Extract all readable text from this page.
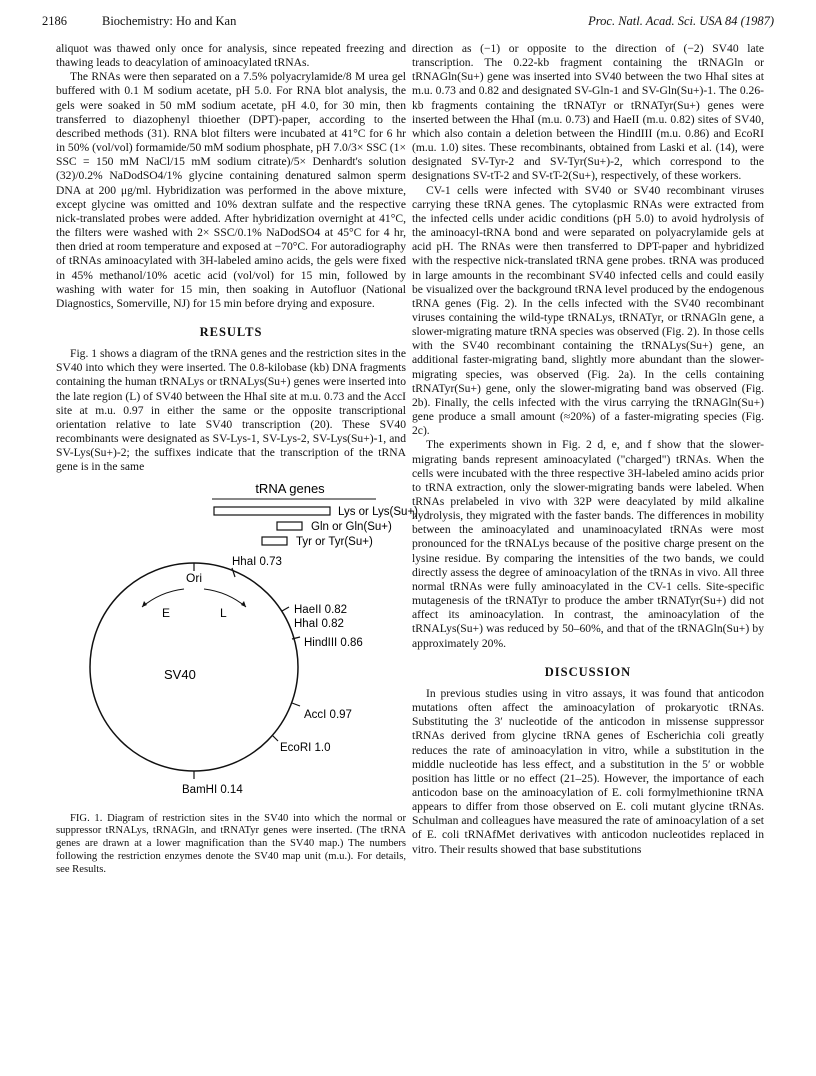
2186	Biochemistry: Ho and Kan	Proc. Natl. Acad. Sci. USA 84 (1987)

aliquot was thawed only once for analysis, since repeated freezing and thawing leads to deacylation of aminoacylated tRNAs.

The RNAs were then separated on a 7.5% polyacrylamide/8 M urea gel buffered with 0.1 M sodium acetate, pH 5.0. For RNA blot analysis, the gels were soaked in 50 mM sodium acetate, pH 4.0, for 30 min, then transferred to diazophenyl thioether (DPT)-paper, according to the described methods (31). RNA blot filters were incubated at 41°C for 6 hr in 50% (vol/vol) formamide/50 mM sodium phosphate, pH 7.0/3× SSC (1× SSC = 150 mM NaCl/15 mM sodium citrate)/5× Denhardt's solution (32)/0.2% NaDodSO4/1% glycine containing denatured salmon sperm DNA at 200 μg/ml. Hybridization was performed in the above mixture, except glycine was omitted and 10% dextran sulfate and the respective nick-translated probes were added. After hybridization overnight at 41°C, the filters were washed with 2× SSC/0.1% NaDodSO4 at 45°C for 4 hr, then dried at room temperature and exposed at −70°C. For autoradiography of tRNAs aminoacylated with 3H-labeled amino acids, the gels were fixed in 45% methanol/10% acetic acid (vol/vol) for 15 min, followed by washing with water for 15 min, then soaking in Autofluor (National Diagnostics, Somerville, NJ) for 15 min before drying and exposure.

RESULTS

Fig. 1 shows a diagram of the tRNA genes and the restriction sites in the SV40 into which they were inserted. The 0.8-kilobase (kb) DNA fragments containing the human tRNALys or tRNALys(Su+) genes were inserted into the late region (L) of SV40 between the HhaI site at m.u. 0.73 and the AccI site at m.u. 0.97 in either the same or the opposite transcriptional orientation relative to late SV40 transcription (20). These SV40 recombinants were designated as SV-Lys-1, SV-Lys-2, SV-Lys(Su+)-1, and SV-Lys(Su+)-2; the suffixes indicate that the transcription of the tRNA gene is in the same

tRNA genes
Lys or Lys(Su+)
Gln or Gln(Su+)
Tyr or Tyr(Su+)
Ori
E	L
HhaI 0.73
HaeII 0.82
HhaI 0.82
HindIII 0.86
AccI 0.97
EcoRI 1.0
BamHI 0.14
SV40

FIG. 1. Diagram of restriction sites in the SV40 into which the normal or suppressor tRNALys, tRNAGln, and tRNATyr genes were inserted. (The tRNA genes are drawn at a lower magnification than the SV40 map.) The numbers following the restriction enzymes denote the SV40 map unit (m.u.). For details, see Results.

direction as (−1) or opposite to the direction of (−2) SV40 late transcription. The 0.22-kb fragment containing the tRNAGln or tRNAGln(Su+) gene was inserted into SV40 between the two HhaI sites at m.u. 0.73 and 0.82 and designated SV-Gln-1 and SV-Gln(Su+)-1. The 0.26-kb fragments containing the tRNATyr or tRNATyr(Su+) genes were inserted between the HhaI (m.u. 0.73) and HaeII (m.u. 0.82) sites of SV40, which also contain a deletion between the HindIII (m.u. 0.86) and EcoRI (m.u. 1.0) sites. These recombinants, obtained from Laski et al. (14), were designated SV-Tyr-2 and SV-Tyr(Su+)-2, which correspond to the designations SV-tT-2 and SV-tT-2(Su+), respectively, of these workers.

CV-1 cells were infected with SV40 or SV40 recombinant viruses carrying these tRNA genes. The cytoplasmic RNAs were extracted from the infected cells under acidic conditions (pH 5.0) to avoid hydrolysis of the aminoacyl-tRNA bond and were separated on polyacrylamide gels at acid pH. The RNAs were then transferred to DPT-paper and hybridized with the respective nick-translated tRNA gene probes. tRNA was produced in large amounts in the recombinant SV40 infected cells and could easily be visualized over the background tRNA level produced by the endogenous tRNA genes (Fig. 2). In the cells infected with the SV40 recombinant viruses containing the wild-type tRNALys, tRNATyr, or tRNAGln gene, a slower-migrating mature tRNA species was observed (Fig. 2). In those cells with the SV40 recombinant containing the tRNALys(Su+) gene, an additional faster-migrating band, slightly more abundant than the slower-migrating species, was observed (Fig. 2a). In the cells containing tRNATyr(Su+) gene, only the slower-migrating band was observed (Fig. 2b). Finally, the cells infected with the virus carrying the tRNAGln(Su+) gene produce a small amount (≈20%) of a faster-migrating species (Fig. 2c).

The experiments shown in Fig. 2 d, e, and f show that the slower-migrating bands represent aminoacylated ("charged") tRNAs. When the cells were incubated with the three respective 3H-labeled amino acids prior to tRNA extraction, only the slower-migrating bands were labeled. When tRNAs prelabeled in vivo with 32P were deacylated by mild alkaline hydrolysis, they migrated with the faster bands. The differences in mobility between the aminoacylated and unaminoacylated tRNAs were most pronounced for the tRNALys because of the positive charge present on the lysine residue. By comparing the intensities of the two bands, we could directly assess the degree of aminoacylation of the tRNAs in vivo. All three normal tRNAs were fully aminoacylated in the CV-1 cells. Site-specific mutagenesis of the tRNATyr to produce the amber tRNATyr(Su+) did not affect its aminoacylation. In contrast, the aminoacylation of the tRNALys(Su+) was reduced by 50–60%, and that of the tRNAGln(Su+) by approximately 20%.

DISCUSSION

In previous studies using in vitro assays, it was found that anticodon mutations often affect the aminoacylation of prokaryotic tRNAs. Substituting the 3′ nucleotide of the anticodon in missense suppressor tRNAs derived from glycine tRNA genes of Escherichia coli greatly reduces the rate of aminoacylation in vitro, while a substitution in the middle nucleotide has less effect, and a substitution in the 5′ or wobble position has little or no effect (21–25). However, the importance of each anticodon base on the aminoacylation of E. coli formylmethionine tRNA appears to differ from those observed on E. coli mutant glycine tRNAs. Schulman and colleagues have measured the rate of aminoacylation of a set of E. coli tRNAfMet derivatives with anticodon nucleotides replaced in vitro. Their results showed that base substitutions
